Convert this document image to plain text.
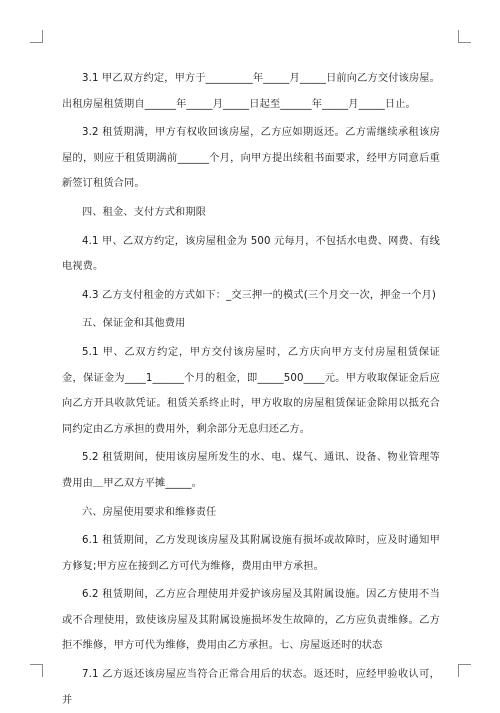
3.1 甲乙双方约定，甲方于_________年_____月_____日前向乙方交付该房屋。出租房屋租赁期自______年_____月_____日起至______年_____月_____日止。

3.2 租赁期满，甲方有权收回该房屋，乙方应如期返还。乙方需继续承租该房屋的，则应于租赁期满前______个月，向甲方提出续租书面要求，经甲方同意后重新签订租赁合同。

四、租金、支付方式和期限

4.1 甲、乙双方约定，该房屋租金为 500 元每月，不包括水电费、网费、有线电视费。

4.3 乙方支付租金的方式如下：_交三押一的模式(三个月交一次，押金一个月)

五、保证金和其他费用

5.1 甲、乙双方约定，甲方交付该房屋时，乙方庆向甲方支付房屋租赁保证金，保证金为____1______个月的租金，即_____500____元。甲方收取保证金后应向乙方开具收款凭证。租赁关系终止时，甲方收取的房屋租赁保证金除用以抵充合同约定由乙方承担的费用外，剩余部分无息归还乙方。

5.2 租赁期间，使用该房屋所发生的水、电、煤气、通讯、设备、物业管理等费用由＿甲乙双方平摊_____。

六、房屋使用要求和维修责任

6.1 租赁期间，乙方发现该房屋及其附属设施有损坏或故障时，应及时通知甲方修复;甲方应在接到乙方可代为维修，费用由甲方承担。

6.2 租赁期间，乙方应合理使用并爱护该房屋及其附属设施。因乙方使用不当或不合理使用，致使该房屋及其附属设施损坏发生故障的，乙方应负责维修。乙方拒不维修，甲方可代为维修，费用由乙方承担。七、房屋返还时的状态

7.1 乙方返还该房屋应当符合正常合用后的状态。返还时，应经甲验收认可，并
